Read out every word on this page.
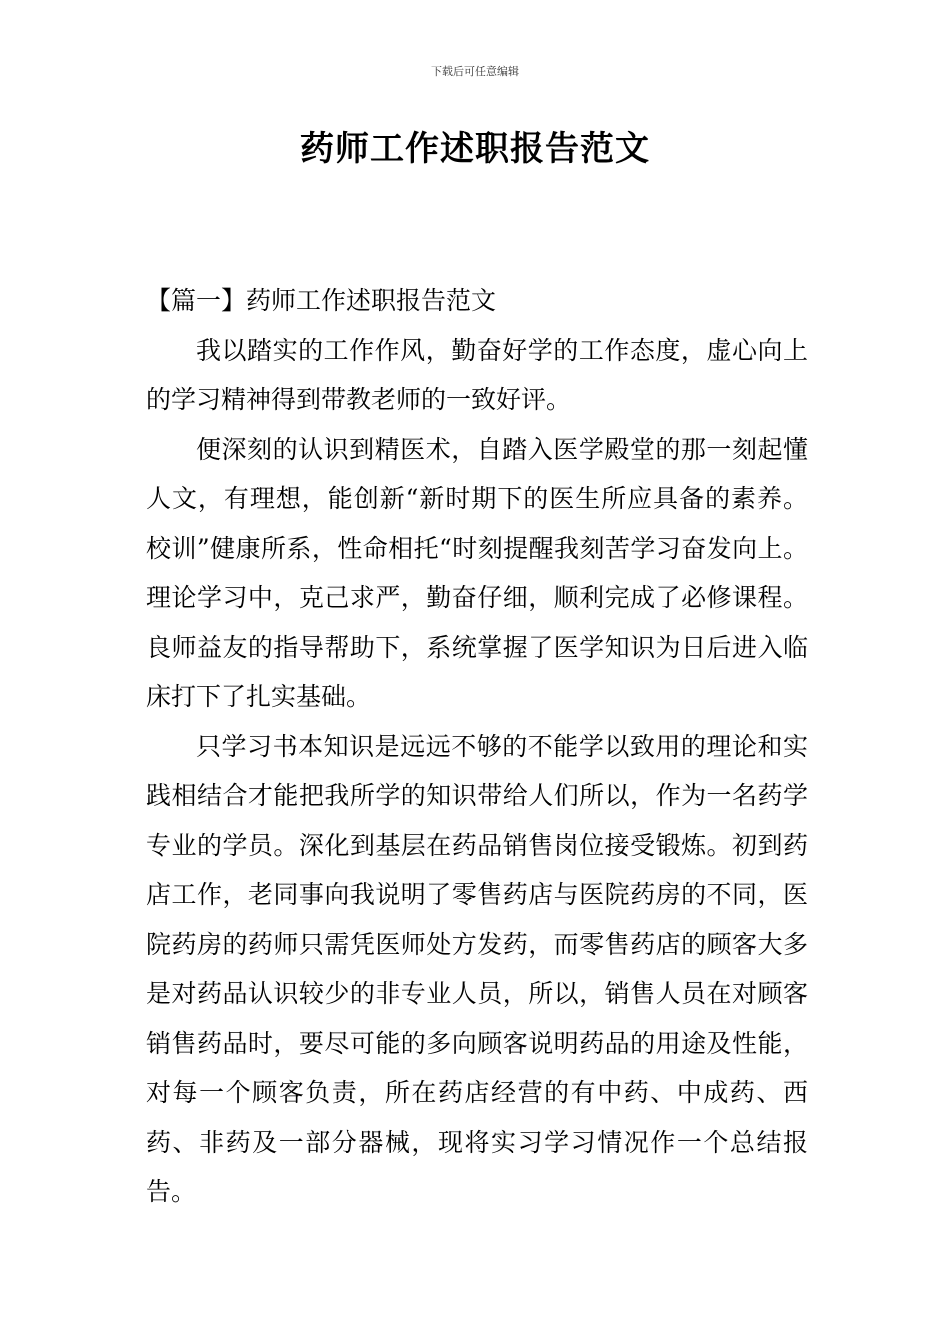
下载后可任意编辑
药师工作述职报告范文

【篇一】药师工作述职报告范文

我以踏实的工作作风，勤奋好学的工作态度，虚心向上的学习精神得到带教老师的一致好评。

便深刻的认识到精医术，自踏入医学殿堂的那一刻起懂人文，有理想，能创新“新时期下的医生所应具备的素养。校训”健康所系，性命相托“时刻提醒我刻苦学习奋发向上。理论学习中，克己求严，勤奋仔细，顺利完成了必修课程。良师益友的指导帮助下，系统掌握了医学知识为日后进入临床打下了扎实基础。

只学习书本知识是远远不够的不能学以致用的理论和实践相结合才能把我所学的知识带给人们所以，作为一名药学专业的学员。深化到基层在药品销售岗位接受锻炼。初到药店工作，老同事向我说明了零售药店与医院药房的不同，医院药房的药师只需凭医师处方发药，而零售药店的顾客大多是对药品认识较少的非专业人员，所以，销售人员在对顾客销售药品时，要尽可能的多向顾客说明药品的用途及性能，对每一个顾客负责，所在药店经营的有中药、中成药、西药、非药及一部分器械，现将实习学习情况作一个总结报告。
